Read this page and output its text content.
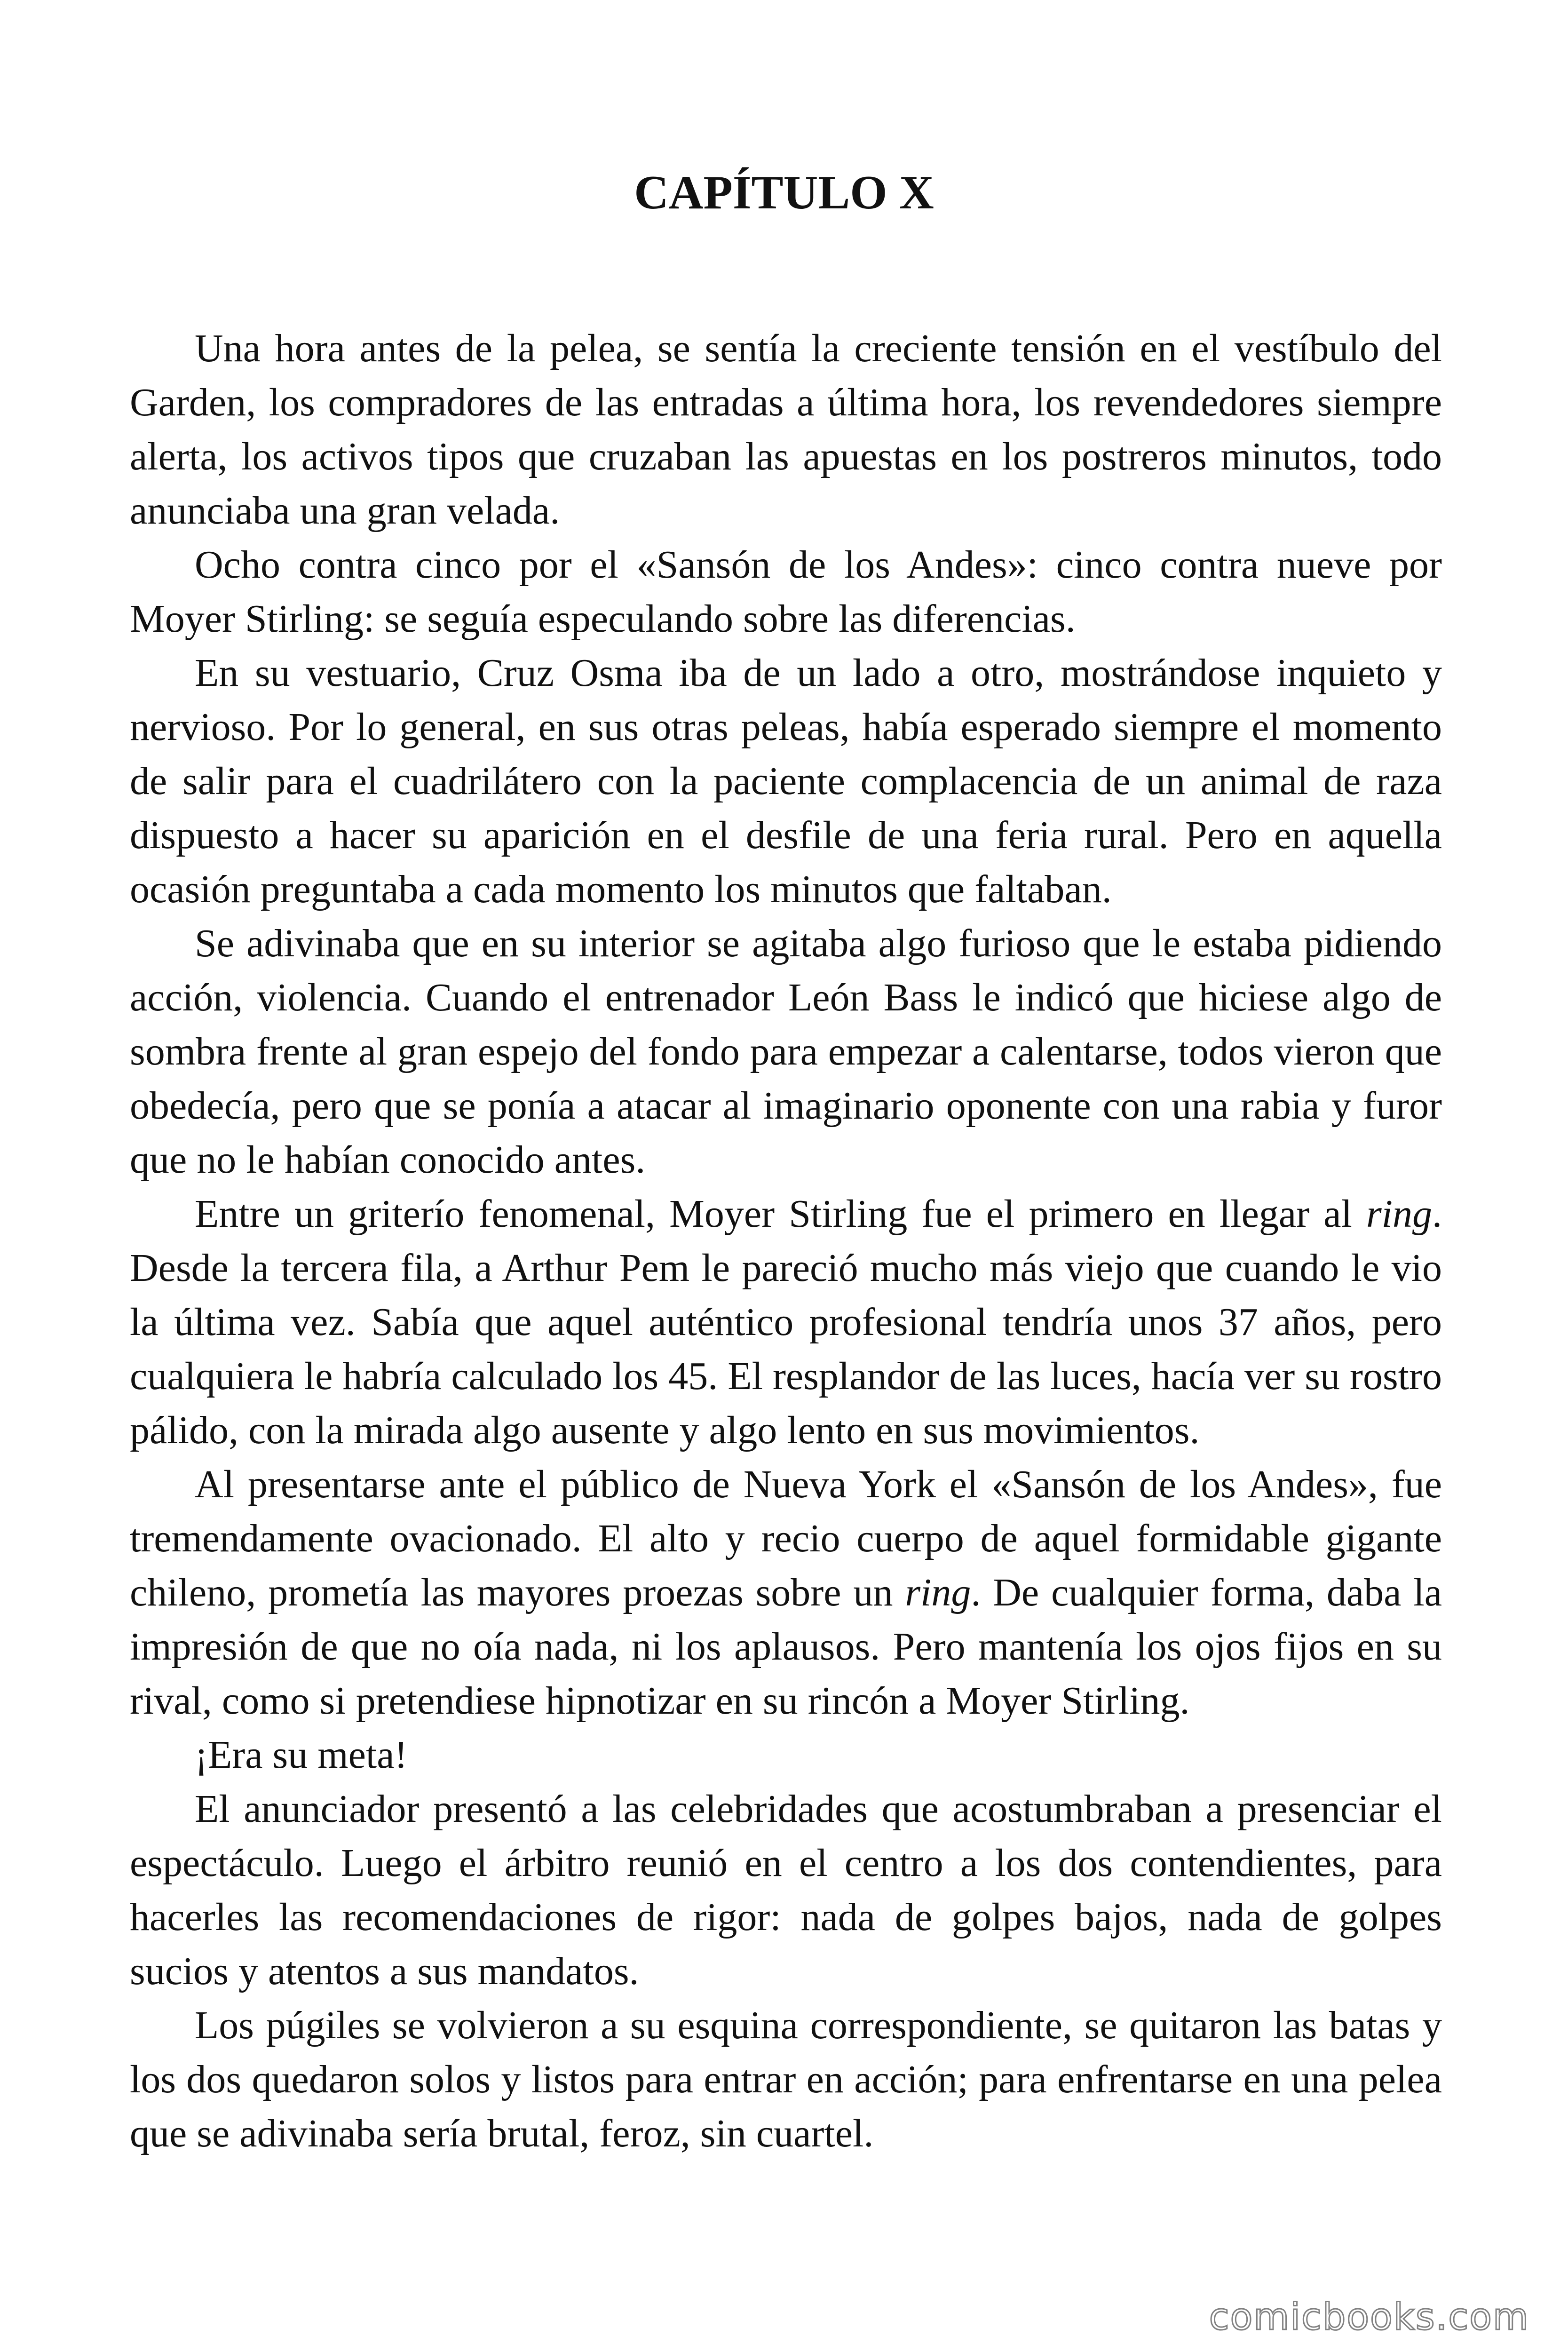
CAPÍTULO X

Una hora antes de la pelea, se sentía la creciente tensión en el vestíbulo del Garden, los compradores de las entradas a última hora, los revendedores siempre alerta, los activos tipos que cruzaban las apuestas en los postreros minutos, todo anunciaba una gran velada.

Ocho contra cinco por el «Sansón de los Andes»: cinco contra nueve por Moyer Stirling: se seguía especulando sobre las diferencias.

En su vestuario, Cruz Osma iba de un lado a otro, mostrándose inquieto y nervioso. Por lo general, en sus otras peleas, había esperado siempre el momento de salir para el cuadrilátero con la paciente complacencia de un animal de raza dispuesto a hacer su aparición en el desfile de una feria rural. Pero en aquella ocasión preguntaba a cada momento los minutos que faltaban.

Se adivinaba que en su interior se agitaba algo furioso que le estaba pidiendo acción, violencia. Cuando el entrenador León Bass le indicó que hiciese algo de sombra frente al gran espejo del fondo para empezar a calentarse, todos vieron que obedecía, pero que se ponía a atacar al imaginario oponente con una rabia y furor que no le habían conocido antes.

Entre un griterío fenomenal, Moyer Stirling fue el primero en llegar al ring. Desde la tercera fila, a Arthur Pem le pareció mucho más viejo que cuando le vio la última vez. Sabía que aquel auténtico profesional tendría unos 37 años, pero cualquiera le habría calculado los 45. El resplandor de las luces, hacía ver su rostro pálido, con la mirada algo ausente y algo lento en sus movimientos.

Al presentarse ante el público de Nueva York el «Sansón de los Andes», fue tremendamente ovacionado. El alto y recio cuerpo de aquel formidable gigante chileno, prometía las mayores proezas sobre un ring. De cualquier forma, daba la impresión de que no oía nada, ni los aplausos. Pero mantenía los ojos fijos en su rival, como si pretendiese hipnotizar en su rincón a Moyer Stirling.

¡Era su meta!

El anunciador presentó a las celebridades que acostumbraban a presenciar el espectáculo. Luego el árbitro reunió en el centro a los dos contendientes, para hacerles las recomendaciones de rigor: nada de golpes bajos, nada de golpes sucios y atentos a sus mandatos.

Los púgiles se volvieron a su esquina correspondiente, se quitaron las batas y los dos quedaron solos y listos para entrar en acción; para enfrentarse en una pelea que se adivinaba sería brutal, feroz, sin cuartel.

comicbooks.com
